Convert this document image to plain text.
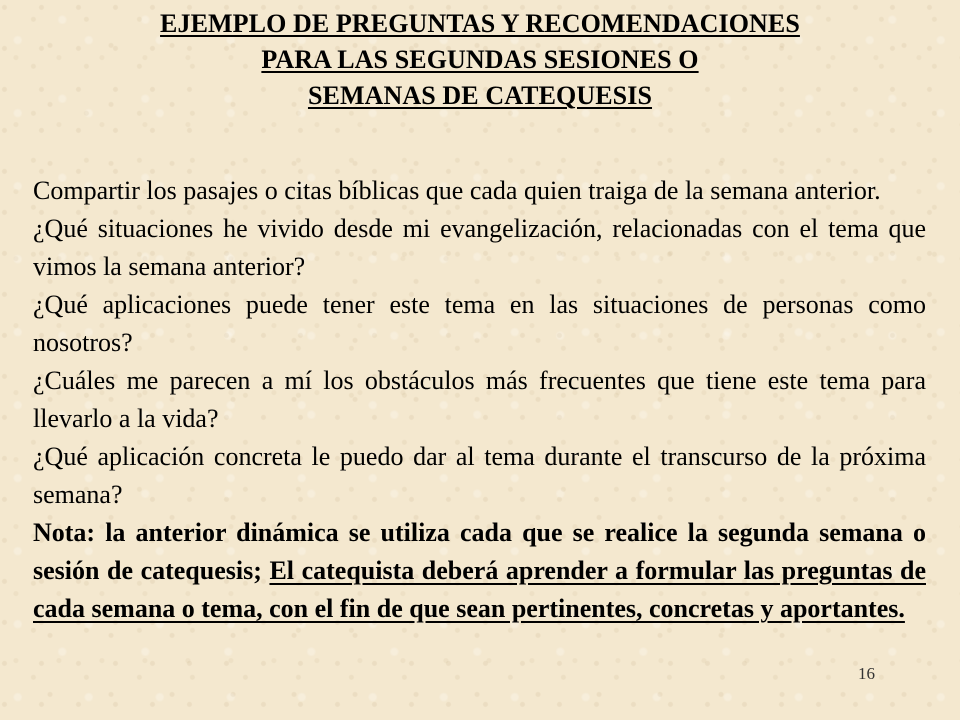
EJEMPLO DE PREGUNTAS Y RECOMENDACIONES
PARA LAS SEGUNDAS SESIONES O
SEMANAS DE CATEQUESIS

Compartir los pasajes o citas bíblicas que cada quien traiga de la semana anterior.

¿Qué situaciones he vivido desde mi evangelización, relacionadas con el tema que vimos la semana anterior?

¿Qué aplicaciones puede tener este tema en las situaciones de personas como nosotros?

¿Cuáles me parecen a mí los obstáculos más frecuentes que tiene este tema para llevarlo a la vida?

¿Qué aplicación concreta le puedo dar al tema durante el transcurso de la próxima semana?

Nota: la anterior dinámica se utiliza cada que se realice la segunda semana o sesión de catequesis; El catequista deberá aprender a formular las preguntas de cada semana o tema, con el fin de que sean pertinentes, concretas y aportantes.

16
